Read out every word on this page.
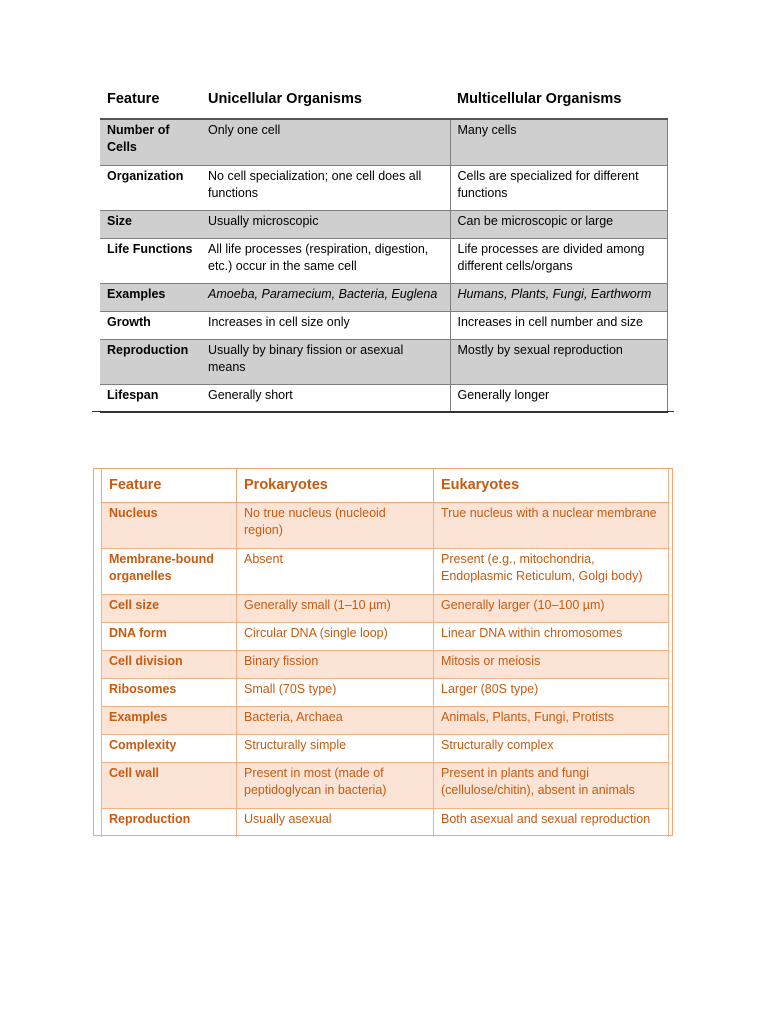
Feature	Unicellular Organisms	Multicellular Organisms
Number of Cells	Only one cell	Many cells
Organization	No cell specialization; one cell does all functions	Cells are specialized for different functions
Size	Usually microscopic	Can be microscopic or large
Life Functions	All life processes (respiration, digestion, etc.) occur in the same cell	Life processes are divided among different cells/organs
Examples	Amoeba, Paramecium, Bacteria, Euglena	Humans, Plants, Fungi, Earthworm
Growth	Increases in cell size only	Increases in cell number and size
Reproduction	Usually by binary fission or asexual means	Mostly by sexual reproduction
Lifespan	Generally short	Generally longer
Feature	Prokaryotes	Eukaryotes
Nucleus	No true nucleus (nucleoid region)	True nucleus with a nuclear membrane
Membrane-bound organelles	Absent	Present (e.g., mitochondria, Endoplasmic Reticulum, Golgi body)
Cell size	Generally small (1–10 µm)	Generally larger (10–100 µm)
DNA form	Circular DNA (single loop)	Linear DNA within chromosomes
Cell division	Binary fission	Mitosis or meiosis
Ribosomes	Small (70S type)	Larger (80S type)
Examples	Bacteria, Archaea	Animals, Plants, Fungi, Protists
Complexity	Structurally simple	Structurally complex
Cell wall	Present in most (made of peptidoglycan in bacteria)	Present in plants and fungi (cellulose/chitin), absent in animals
Reproduction	Usually asexual	Both asexual and sexual reproduction
